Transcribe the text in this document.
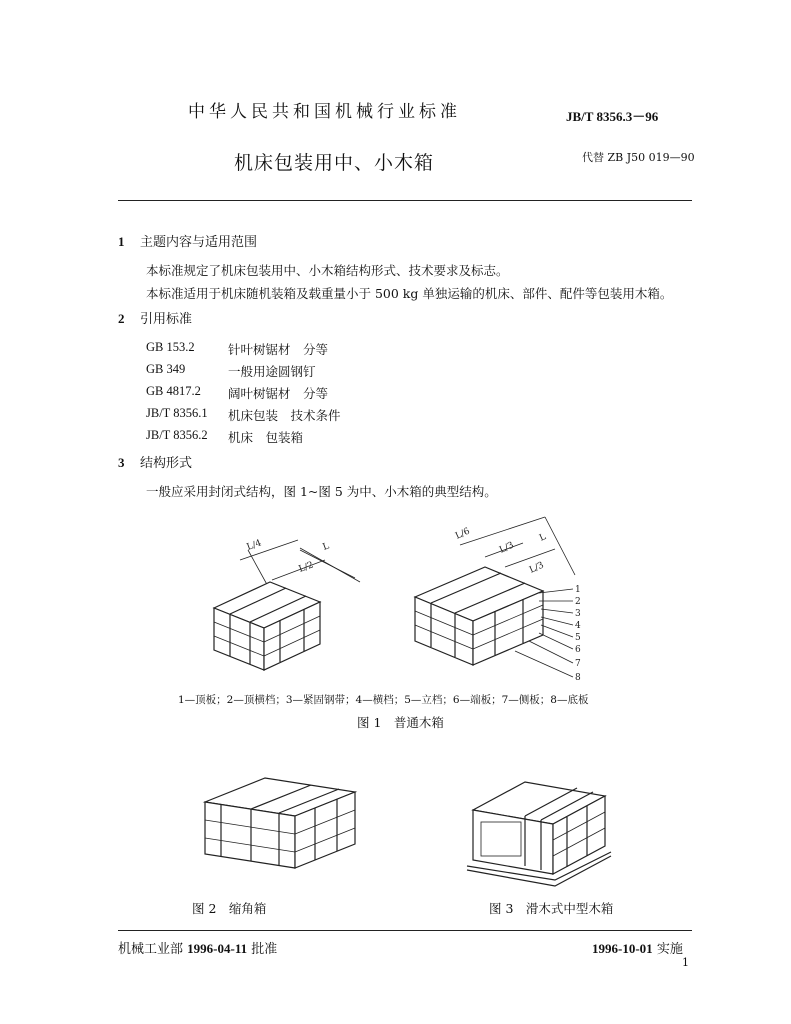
中华人民共和国机械行业标准	JB/T 8356.3－96
机床包装用中、小木箱	代替 ZB J50 019—90
1 主题内容与适用范围
本标准规定了机床包装用中、小木箱结构形式、技术要求及标志。
本标准适用于机床随机装箱及载重量小于 500 kg 单独运输的机床、部件、配件等包装用木箱。
2 引用标准
GB 153.2	针叶树锯材　分等
GB 349	一般用途圆钢钉
GB 4817.2 阔叶树锯材　分等
JB/T 8356.1 机床包装　技术条件
JB/T 8356.2 机床　包装箱
3 结构形式
一般应采用封闭式结构，图 1~图 5 为中、小木箱的典型结构。
L/4
L/2
L
L/6
L/3
L
L/3
1
2
3
4
5
6
7
8
1—顶板；2—顶横档；3—紧固钢带；4—横档；5—立档；6—端板；7—侧板；8—底板
图 1　普通木箱
图 2　缩角箱	图 3　滑木式中型木箱
机械工业部 1996-04-11 批准	1996-10-01 实施
1
